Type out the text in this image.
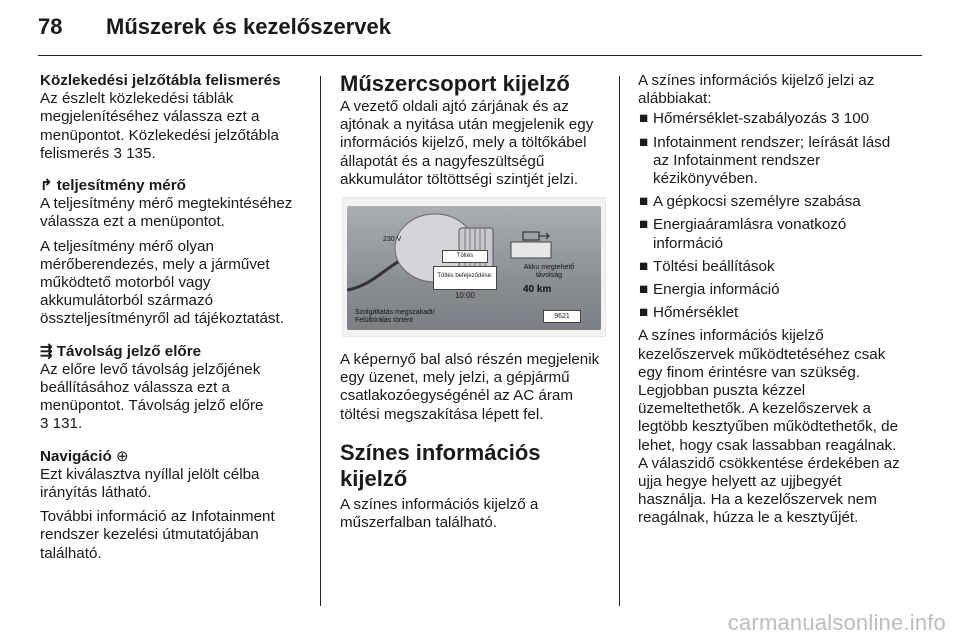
78 Műszerek és kezelőszervek

Közlekedési jelzőtábla felismerés
Az észlelt közlekedési táblák megjelenítéséhez válassza ezt a menüpontot. Közlekedési jelzőtábla felismerés 3 135.

↱ teljesítmény mérő
A teljesítmény mérő megtekintéséhez válassza ezt a menüpontot.

A teljesítmény mérő olyan mérőberendezés, mely a járművet működtető motorból vagy akkumulátorból származó összteljesítményről ad tájékoztatást.

⇶ Távolság jelző előre
Az előre levő távolság jelzőjének beállításához válassza ezt a menüpontot. Távolság jelző előre
3 131.

Navigáció ⊕
Ezt kiválasztva nyíllal jelölt célba irányítás látható.

További információ az Infotainment rendszer kezelési útmutatójában található.

Műszercsoport kijelző

A vezető oldali ajtó zárjának és az ajtónak a nyitása után megjelenik egy információs kijelző, mely a töltőkábel állapotát és a nagyfeszültségű akkumulátor töltöttségi szintjét jelzi.

230 V
Töltés
Töltés befejeződése:
10:00
Akku megtehető távolság
40 km
9621
Szolgáltatás megszakadt/ Felülbírálás történt

A képernyő bal alsó részén megjelenik egy üzenet, mely jelzi, a gépjármű csatlakozóegységénél az AC áram töltési megszakítása lépett fel.

Színes információs kijelző

A színes információs kijelző a műszerfalban található.

A színes információs kijelző jelzi az alábbiakat:

■ Hőmérséklet-szabályozás 3 100
■ Infotainment rendszer; leírását lásd az Infotainment rendszer kézikönyvében.
■ A gépkocsi személyre szabása
■ Energiaáramlásra vonatkozó információ
■ Töltési beállítások
■ Energia információ
■ Hőmérséklet

A színes információs kijelző kezelőszervek működtetéséhez csak egy finom érintésre van szükség. Legjobban puszta kézzel üzemeltethetők. A kezelőszervek a legtöbb kesztyűben működtethetők, de lehet, hogy csak lassabban reagálnak. A válaszidő csökkentése érdekében az ujja hegye helyett az ujjbegyét használja. Ha a kezelőszervek nem reagálnak, húzza le a kesztyűjét.

carmanualsonline.info
